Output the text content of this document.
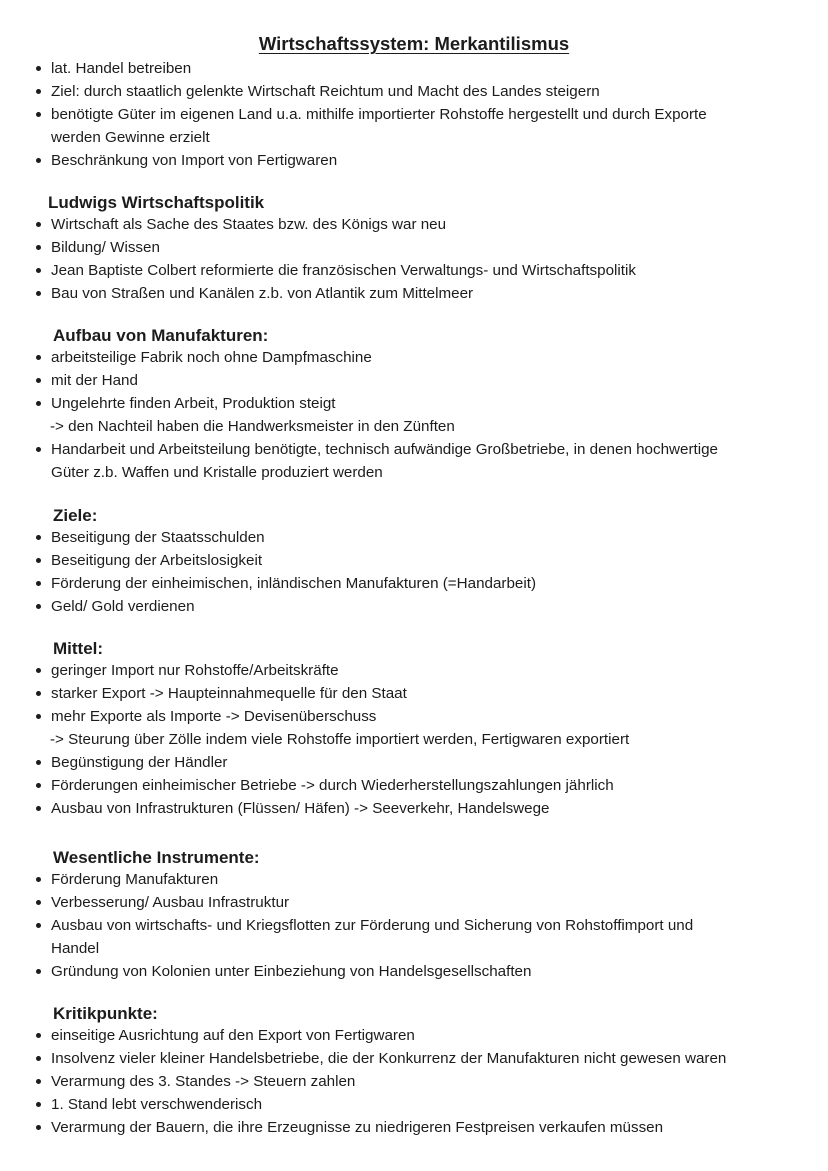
Wirtschaftssystem: Merkantilismus
lat. Handel betreiben
Ziel: durch staatlich gelenkte Wirtschaft Reichtum und Macht des Landes steigern
benötigte Güter im eigenen Land u.a. mithilfe importierter Rohstoffe hergestellt und durch Exporte
werden Gewinne erzielt
Beschränkung von Import von Fertigwaren
Ludwigs Wirtschaftspolitik
Wirtschaft als Sache des Staates bzw. des Königs war neu
Bildung/ Wissen
Jean Baptiste Colbert reformierte die französischen Verwaltungs- und Wirtschaftspolitik
Bau von Straßen und Kanälen z.b. von Atlantik zum Mittelmeer
Aufbau von Manufakturen:
arbeitsteilige Fabrik noch ohne Dampfmaschine
mit der Hand
Ungelehrte finden Arbeit, Produktion steigt
-> den Nachteil haben die Handwerksmeister in den Zünften
Handarbeit und Arbeitsteilung benötigte, technisch aufwändige Großbetriebe, in denen hochwertige
Güter z.b. Waffen und Kristalle produziert werden
Ziele:
Beseitigung der Staatsschulden
Beseitigung der Arbeitslosigkeit
Förderung der einheimischen, inländischen Manufakturen (=Handarbeit)
Geld/ Gold verdienen
Mittel:
geringer Import nur Rohstoffe/Arbeitskräfte
starker Export -> Haupteinnahmequelle für den Staat
mehr Exporte als Importe -> Devisenüberschuss
-> Steurung über Zölle indem viele Rohstoffe importiert werden, Fertigwaren exportiert
Begünstigung der Händler
Förderungen einheimischer Betriebe -> durch Wiederherstellungszahlungen jährlich
Ausbau von Infrastrukturen (Flüssen/ Häfen) -> Seeverkehr, Handelswege
Wesentliche Instrumente:
Förderung Manufakturen
Verbesserung/ Ausbau Infrastruktur
Ausbau von wirtschafts- und Kriegsflotten zur Förderung und Sicherung von Rohstoffimport und
Handel
Gründung von Kolonien unter Einbeziehung von Handelsgesellschaften
Kritikpunkte:
einseitige Ausrichtung auf den Export von Fertigwaren
Insolvenz vieler kleiner Handelsbetriebe, die der Konkurrenz der Manufakturen nicht gewesen waren
Verarmung des 3. Standes -> Steuern zahlen
1. Stand lebt verschwenderisch
Verarmung der Bauern, die ihre Erzeugnisse zu niedrigeren Festpreisen verkaufen müssen
